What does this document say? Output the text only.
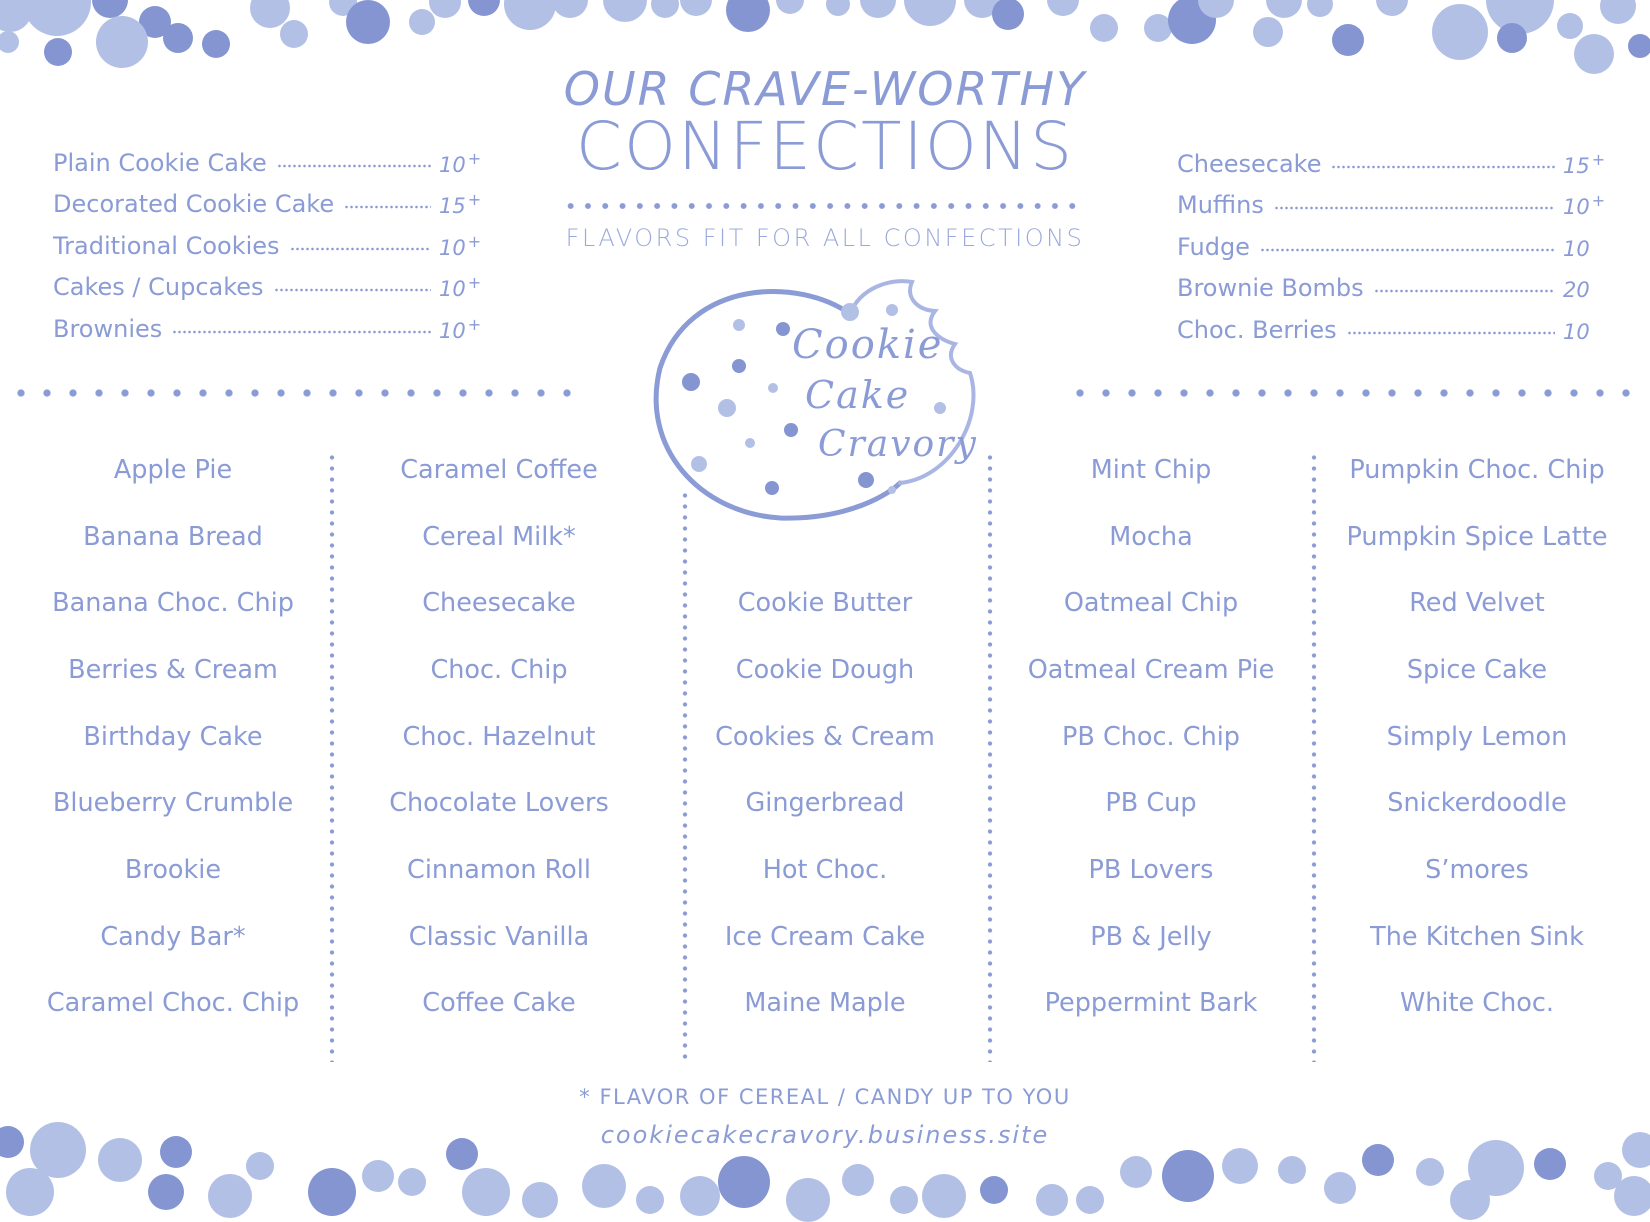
OUR CRAVE-WORTHY
CONFECTIONS
FLAVORS FIT FOR ALL CONFECTIONS
Plain Cookie Cake	10 +
Decorated Cookie Cake	15 +
Traditional Cookies	10 +
Cakes / Cupcakes	10 +
Brownies	10 +
Cheesecake	15 +
Muffins	10 +
Fudge	10
Brownie Bombs	20
Choc. Berries	10
Cookie
Cake
Cravory
Apple Pie
Banana Bread
Banana Choc. Chip
Berries & Cream
Birthday Cake
Blueberry Crumble
Brookie
Candy Bar*
Caramel Choc. Chip
Caramel Coffee
Cereal Milk*
Cheesecake
Choc. Chip
Choc. Hazelnut
Chocolate Lovers
Cinnamon Roll
Classic Vanilla
Coffee Cake
Cookie Butter
Cookie Dough
Cookies & Cream
Gingerbread
Hot Choc.
Ice Cream Cake
Maine Maple
Mint Chip
Mocha
Oatmeal Chip
Oatmeal Cream Pie
PB Choc. Chip
PB Cup
PB Lovers
PB & Jelly
Peppermint Bark
Pumpkin Choc. Chip
Pumpkin Spice Latte
Red Velvet
Spice Cake
Simply Lemon
Snickerdoodle
S’mores
The Kitchen Sink
White Choc.
* FLAVOR OF CEREAL / CANDY UP TO YOU
cookiecakecravory.business.site
